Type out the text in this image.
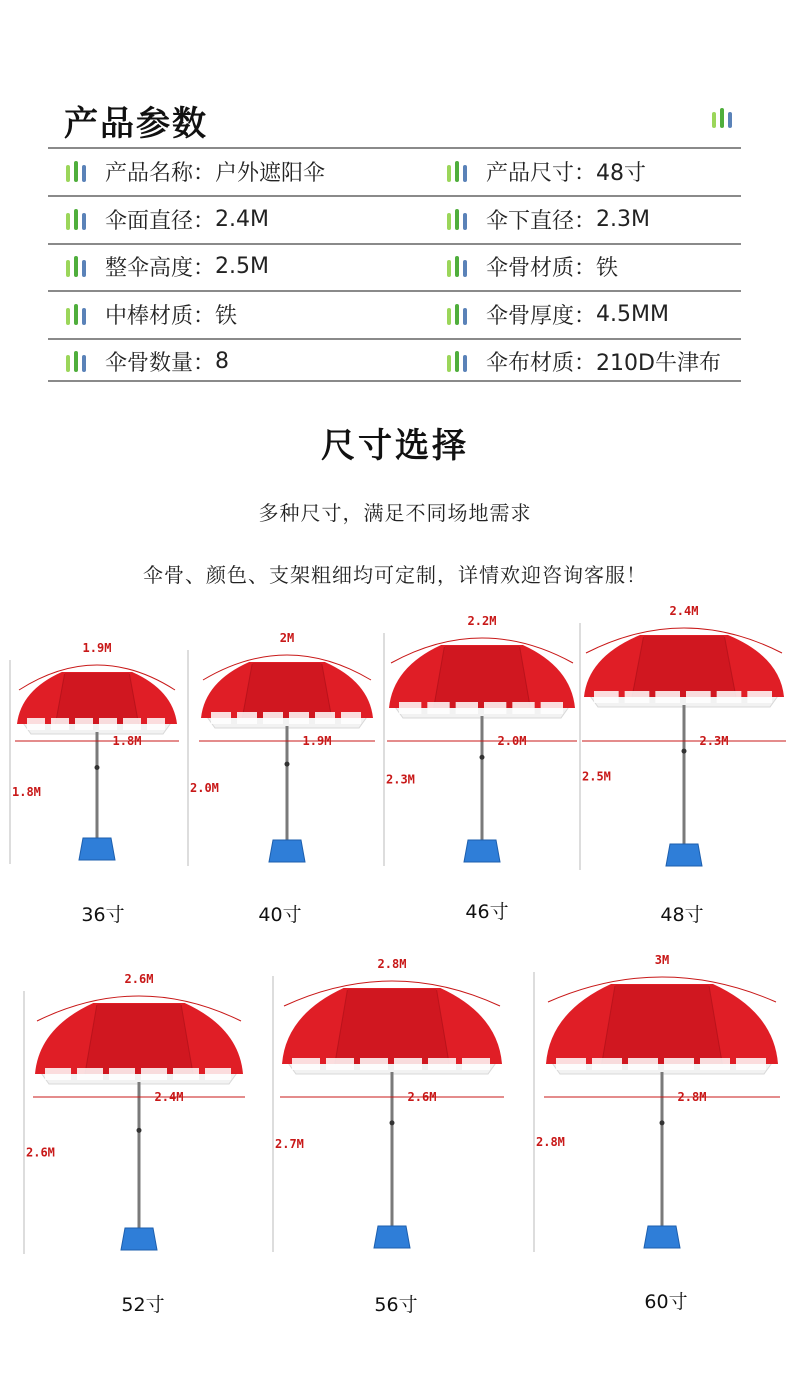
产品参数
产品名称： 户外遮阳伞	产品尺寸： 48寸
伞面直径： 2.4M	伞下直径： 2.3M
整伞高度： 2.5M	伞骨材质： 铁
中棒材质： 铁	伞骨厚度： 4.5MM
伞骨数量： 8	伞布材质： 210D牛津布
尺寸选择
多种尺寸，满足不同场地需求
伞骨、颜色、支架粗细均可定制，详情欢迎咨询客服！
1.9M
1.8M
1.8M
2M
1.9M
2.0M
2.2M
2.0M
2.3M
2.4M
2.3M
2.5M
2.6M
2.4M
2.6M
2.8M
2.6M
2.7M
3M
2.8M
2.8M
36寸	40寸	46寸	48寸
52寸	56寸	60寸
